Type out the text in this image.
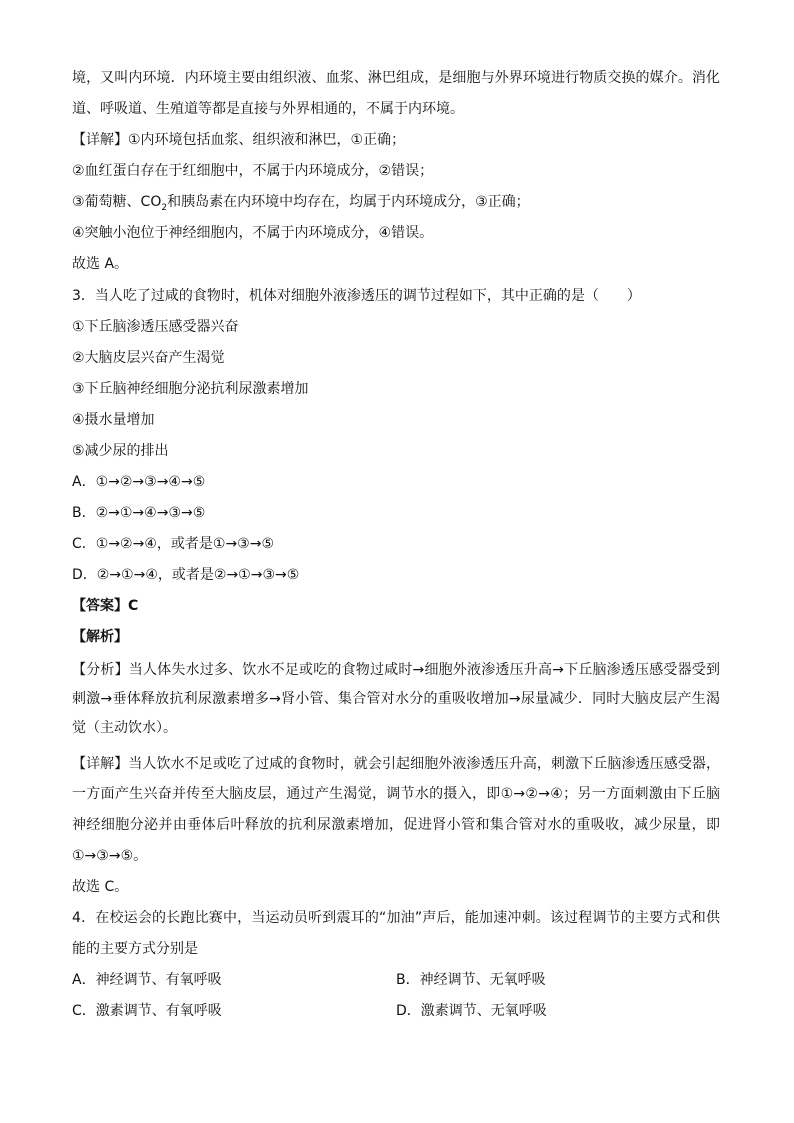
境，又叫内环境．内环境主要由组织液、血浆、淋巴组成，是细胞与外界环境进行物质交换的媒介。消化

道、呼吸道、生殖道等都是直接与外界相通的，不属于内环境。

【详解】①内环境包括血浆、组织液和淋巴，①正确；

②血红蛋白存在于红细胞中，不属于内环境成分，②错误；

③葡萄糖、$CO_2$和胰岛素在内环境中均存在，均属于内环境成分，③正确；

④突触小泡位于神经细胞内，不属于内环境成分，④错误。

故选 A。

3．当人吃了过咸的食物时，机体对细胞外液渗透压的调节过程如下，其中正确的是（　　）

①下丘脑渗透压感受器兴奋

②大脑皮层兴奋产生渴觉

③下丘脑神经细胞分泌抗利尿激素增加

④摄水量增加

⑤减少尿的排出

A．①→②→③→④→⑤

B．②→①→④→③→⑤

C．①→②→④，或者是①→③→⑤

D．②→①→④，或者是②→①→③→⑤

【答案】C

【解析】

【分析】当人体失水过多、饮水不足或吃的食物过咸时→细胞外液渗透压升高→下丘脑渗透压感受器受到

刺激→垂体释放抗利尿激素增多→肾小管、集合管对水分的重吸收增加→尿量减少．同时大脑皮层产生渴

觉（主动饮水）。

【详解】当人饮水不足或吃了过咸的食物时，就会引起细胞外液渗透压升高，刺激下丘脑渗透压感受器，

一方面产生兴奋并传至大脑皮层，通过产生渴觉，调节水的摄入，即①→②→④；另一方面刺激由下丘脑

神经细胞分泌并由垂体后叶释放的抗利尿激素增加，促进肾小管和集合管对水的重吸收，减少尿量，即

①→③→⑤。

故选 C。

4．在校运会的长跑比赛中，当运动员听到震耳的“加油”声后，能加速冲刺。该过程调节的主要方式和供

能的主要方式分别是

A．神经调节、有氧呼吸	B．神经调节、无氧呼吸

C．激素调节、有氧呼吸	D．激素调节、无氧呼吸
